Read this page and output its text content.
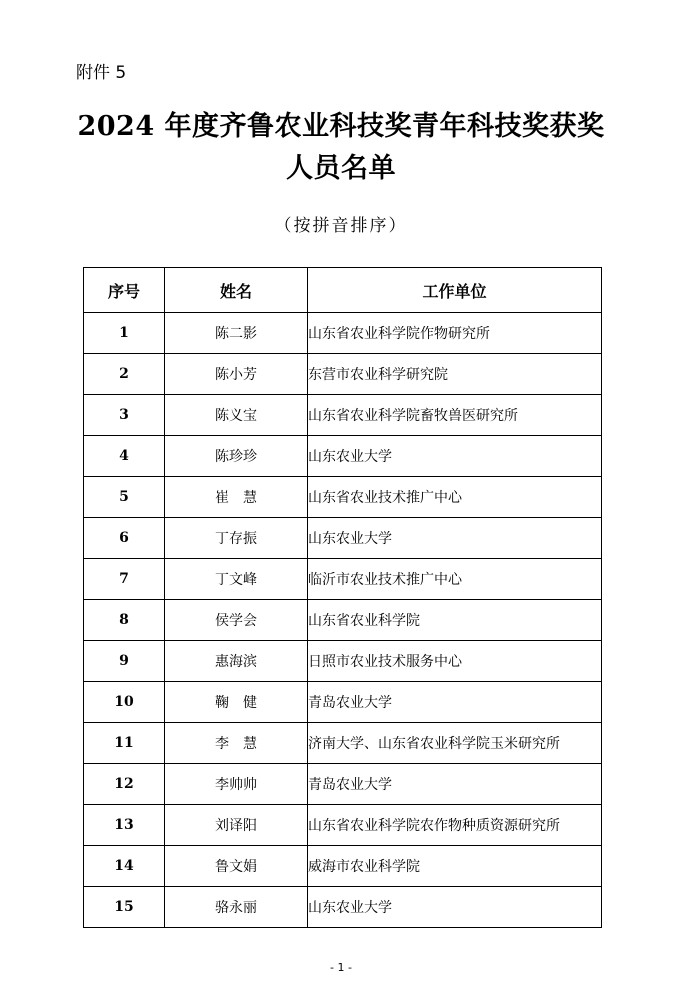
附件 5
2024 年度齐鲁农业科技奖青年科技奖获奖
人员名单
（按拼音排序）
序号	姓名	工作单位
1	陈二影	山东省农业科学院作物研究所
2	陈小芳	东营市农业科学研究院
3	陈义宝	山东省农业科学院畜牧兽医研究所
4	陈珍珍	山东农业大学
5	崔　慧	山东省农业技术推广中心
6	丁存振	山东农业大学
7	丁文峰	临沂市农业技术推广中心
8	侯学会	山东省农业科学院
9	惠海滨	日照市农业技术服务中心
10	鞠　健	青岛农业大学
11	李　慧	济南大学、山东省农业科学院玉米研究所
12	李帅帅	青岛农业大学
13	刘译阳	山东省农业科学院农作物种质资源研究所
14	鲁文娟	威海市农业科学院
15	骆永丽	山东农业大学
- 1 -
